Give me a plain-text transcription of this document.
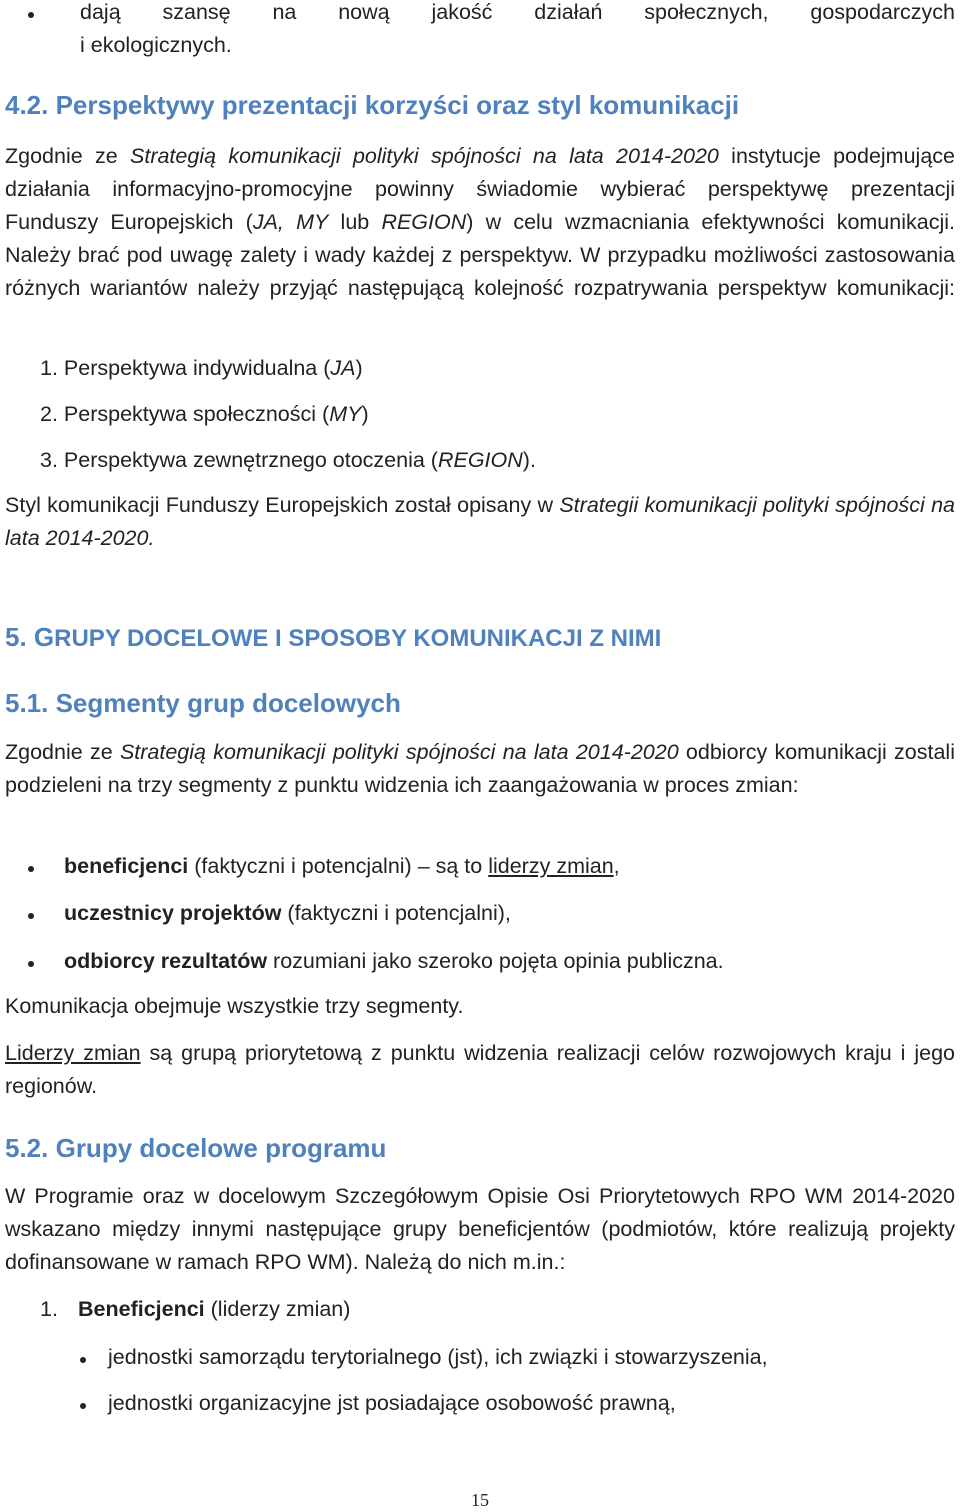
dają szansę na nową jakość działań społecznych, gospodarczych
i ekologicznych.

4.2. Perspektywy prezentacji korzyści oraz styl komunikacji

Zgodnie ze Strategią komunikacji polityki spójności na lata 2014-2020 instytucje podejmujące działania informacyjno-promocyjne powinny świadomie wybierać perspektywę prezentacji Funduszy Europejskich (JA, MY lub REGION) w celu wzmacniania efektywności komunikacji. Należy brać pod uwagę zalety i wady każdej z perspektyw. W przypadku możliwości zastosowania różnych wariantów należy przyjąć następującą kolejność rozpatrywania perspektyw komunikacji:

1. Perspektywa indywidualna (JA)

2. Perspektywa społeczności (MY)

3. Perspektywa zewnętrznego otoczenia (REGION).

Styl komunikacji Funduszy Europejskich został opisany w Strategii komunikacji polityki spójności na lata 2014-2020.

5. GRUPY DOCELOWE I SPOSOBY KOMUNIKACJI Z NIMI
5.1. Segmenty grup docelowych

Zgodnie ze Strategią komunikacji polityki spójności na lata 2014-2020 odbiorcy komunikacji zostali podzieleni na trzy segmenty z punktu widzenia ich zaangażowania w proces zmian:

beneficjenci (faktyczni i potencjalni) – są to liderzy zmian,

uczestnicy projektów (faktyczni i potencjalni),

odbiorcy rezultatów rozumiani jako szeroko pojęta opinia publiczna.

Komunikacja obejmuje wszystkie trzy segmenty.

Liderzy zmian są grupą priorytetową z punktu widzenia realizacji celów rozwojowych kraju i jego regionów.

5.2. Grupy docelowe programu

W Programie oraz w docelowym Szczegółowym Opisie Osi Priorytetowych RPO WM 2014-2020 wskazano między innymi następujące grupy beneficjentów (podmiotów, które realizują projekty dofinansowane w ramach RPO WM). Należą do nich m.in.:

1. Beneficjenci (liderzy zmian)

jednostki samorządu terytorialnego (jst), ich związki i stowarzyszenia,

jednostki organizacyjne jst posiadające osobowość prawną,

15
